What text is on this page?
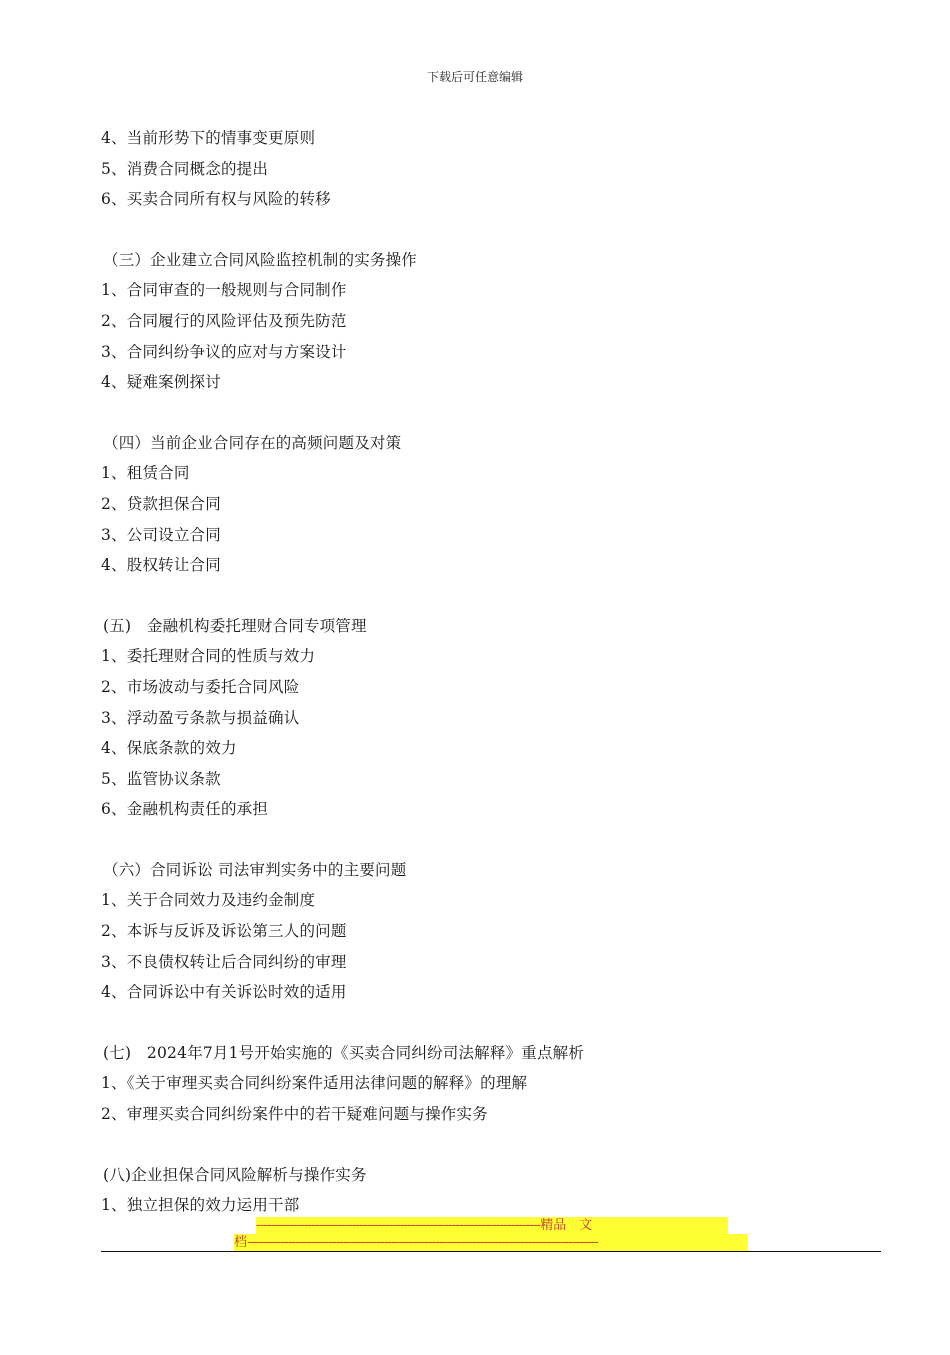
下载后可任意编辑
4、当前形势下的情事变更原则
5、消费合同概念的提出
6、买卖合同所有权与风险的转移
（三）企业建立合同风险监控机制的实务操作
1、合同审查的一般规则与合同制作
2、合同履行的风险评估及预先防范
3、合同纠纷争议的应对与方案设计
4、疑难案例探讨
（四）当前企业合同存在的高频问题及对策
1、租赁合同
2、贷款担保合同
3、公司设立合同
4、股权转让合同
(五)　金融机构委托理财合同专项管理
1、委托理财合同的性质与效力
2、市场波动与委托合同风险
3、浮动盈亏条款与损益确认
4、保底条款的效力
5、监管协议条款
6、金融机构责任的承担
（六）合同诉讼 司法审判实务中的主要问题
1、关于合同效力及违约金制度
2、本诉与反诉及诉讼第三人的问题
3、不良债权转让后合同纠纷的审理
4、合同诉讼中有关诉讼时效的适用
(七)　2024年7月1号开始实施的《买卖合同纠纷司法解释》重点解析
1、《关于审理买卖合同纠纷案件适用法律问题的解释》的理解
2、审理买卖合同纠纷案件中的若干疑难问题与操作实务
(八)企业担保合同风险解析与操作实务
1、独立担保的效力运用干部
-----------------------------------------------------------------------------精品　文
档-----------------------------------------------------------------------------------------------
